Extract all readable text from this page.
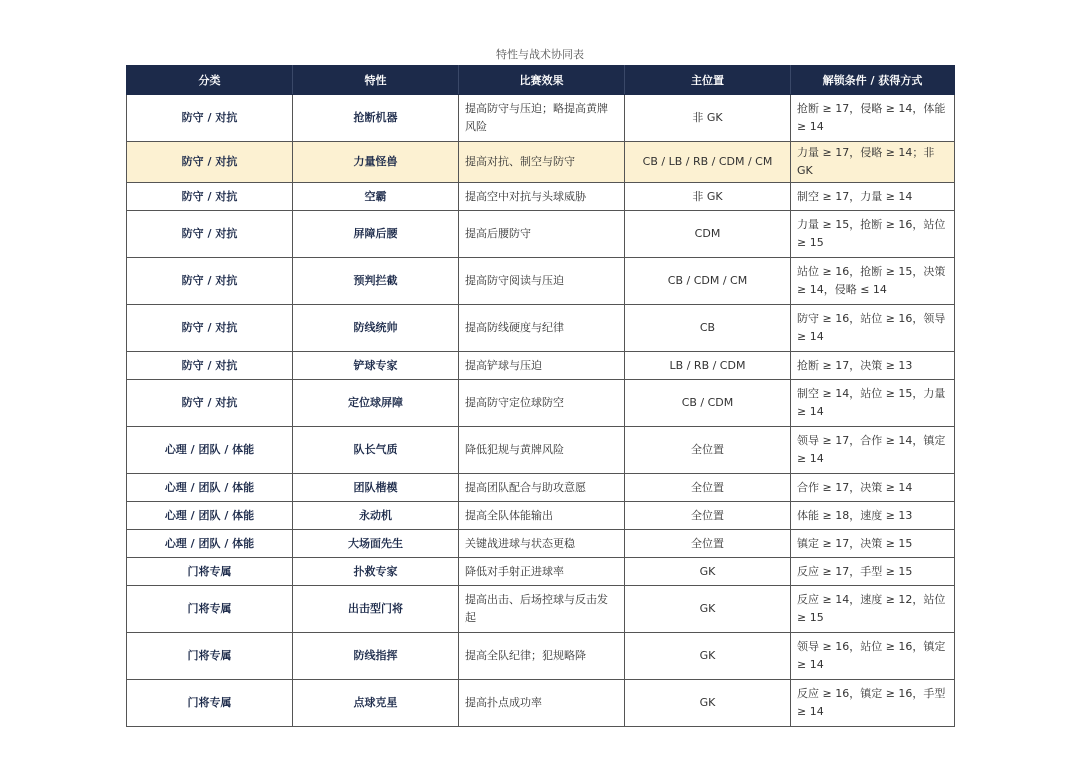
特性与战术协同表
分类	特性	比赛效果	主位置	解锁条件 / 获得方式
防守 / 对抗	抢断机器	提高防守与压迫；略提高黄牌风险	非 GK	抢断 ≥ 17，侵略 ≥ 14，体能 ≥ 14
防守 / 对抗	力量怪兽	提高对抗、制空与防守	CB / LB / RB / CDM / CM	力量 ≥ 17，侵略 ≥ 14；非 GK
防守 / 对抗	空霸	提高空中对抗与头球威胁	非 GK	制空 ≥ 17，力量 ≥ 14
防守 / 对抗	屏障后腰	提高后腰防守	CDM	力量 ≥ 15，抢断 ≥ 16，站位 ≥ 15
防守 / 对抗	预判拦截	提高防守阅读与压迫	CB / CDM / CM	站位 ≥ 16，抢断 ≥ 15，决策 ≥ 14，侵略 ≤ 14
防守 / 对抗	防线统帅	提高防线硬度与纪律	CB	防守 ≥ 16，站位 ≥ 16，领导 ≥ 14
防守 / 对抗	铲球专家	提高铲球与压迫	LB / RB / CDM	抢断 ≥ 17，决策 ≥ 13
防守 / 对抗	定位球屏障	提高防守定位球防空	CB / CDM	制空 ≥ 14，站位 ≥ 15，力量 ≥ 14
心理 / 团队 / 体能	队长气质	降低犯规与黄牌风险	全位置	领导 ≥ 17，合作 ≥ 14，镇定 ≥ 14
心理 / 团队 / 体能	团队楷模	提高团队配合与助攻意愿	全位置	合作 ≥ 17，决策 ≥ 14
心理 / 团队 / 体能	永动机	提高全队体能输出	全位置	体能 ≥ 18，速度 ≥ 13
心理 / 团队 / 体能	大场面先生	关键战进球与状态更稳	全位置	镇定 ≥ 17，决策 ≥ 15
门将专属	扑救专家	降低对手射正进球率	GK	反应 ≥ 17，手型 ≥ 15
门将专属	出击型门将	提高出击、后场控球与反击发起	GK	反应 ≥ 14，速度 ≥ 12，站位 ≥ 15
门将专属	防线指挥	提高全队纪律；犯规略降	GK	领导 ≥ 16，站位 ≥ 16，镇定 ≥ 14
门将专属	点球克星	提高扑点成功率	GK	反应 ≥ 16，镇定 ≥ 16，手型 ≥ 14
